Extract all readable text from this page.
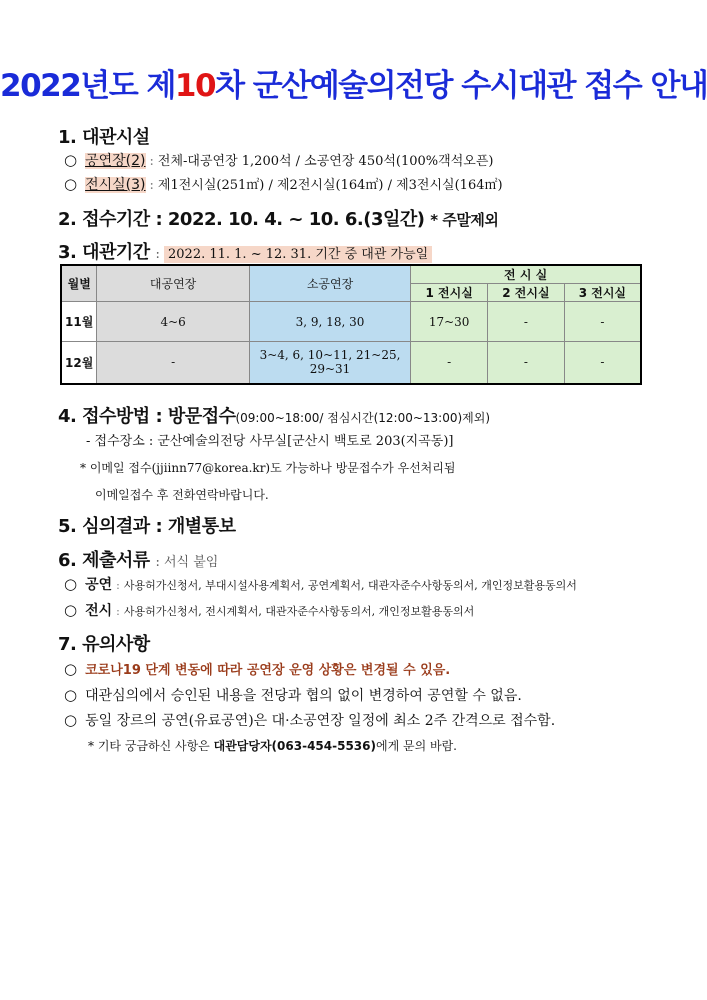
2022년도 제10차 군산예술의전당 수시대관 접수 안내
1. 대관시설
○ 공연장(2) : 전체-대공연장 1,200석 / 소공연장 450석(100%객석오픈)
○ 전시실(3) : 제1전시실(251㎡) / 제2전시실(164㎡) / 제3전시실(164㎡)
2. 접수기간 : 2022. 10. 4. ~ 10. 6.(3일간) * 주말제외
3. 대관기간 : 2022. 11. 1. ~ 12. 31. 기간 중 대관 가능일
월별	대공연장	소공연장	전 시 실		
			1 전시실	2 전시실	3 전시실
11월	4~6	3, 9, 18, 30	17~30	-	-
12월	-	3~4, 6, 10~11, 21~25, 29~31	-	-	-
4. 접수방법 : 방문접수(09:00~18:00/ 점심시간(12:00~13:00)제외)
- 접수장소 : 군산예술의전당 사무실[군산시 백토로 203(지곡동)]
* 이메일 접수(jjiinn77@korea.kr)도 가능하나 방문접수가 우선처리됨
이메일접수 후 전화연락바랍니다.
5. 심의결과 : 개별통보
6. 제출서류 : 서식 붙임
○ 공연 : 사용허가신청서, 부대시설사용계획서, 공연계획서, 대관자준수사항동의서, 개인정보활용동의서
○ 전시 : 사용허가신청서, 전시계획서, 대관자준수사항동의서, 개인정보활용동의서
7. 유의사항
○ 코로나19 단계 변동에 따라 공연장 운영 상황은 변경될 수 있음.
○ 대관심의에서 승인된 내용을 전당과 협의 없이 변경하여 공연할 수 없음.
○ 동일 장르의 공연(유료공연)은 대·소공연장 일정에 최소 2주 간격으로 접수함.
* 기타 궁금하신 사항은 대관담당자(063-454-5536)에게 문의 바람.
